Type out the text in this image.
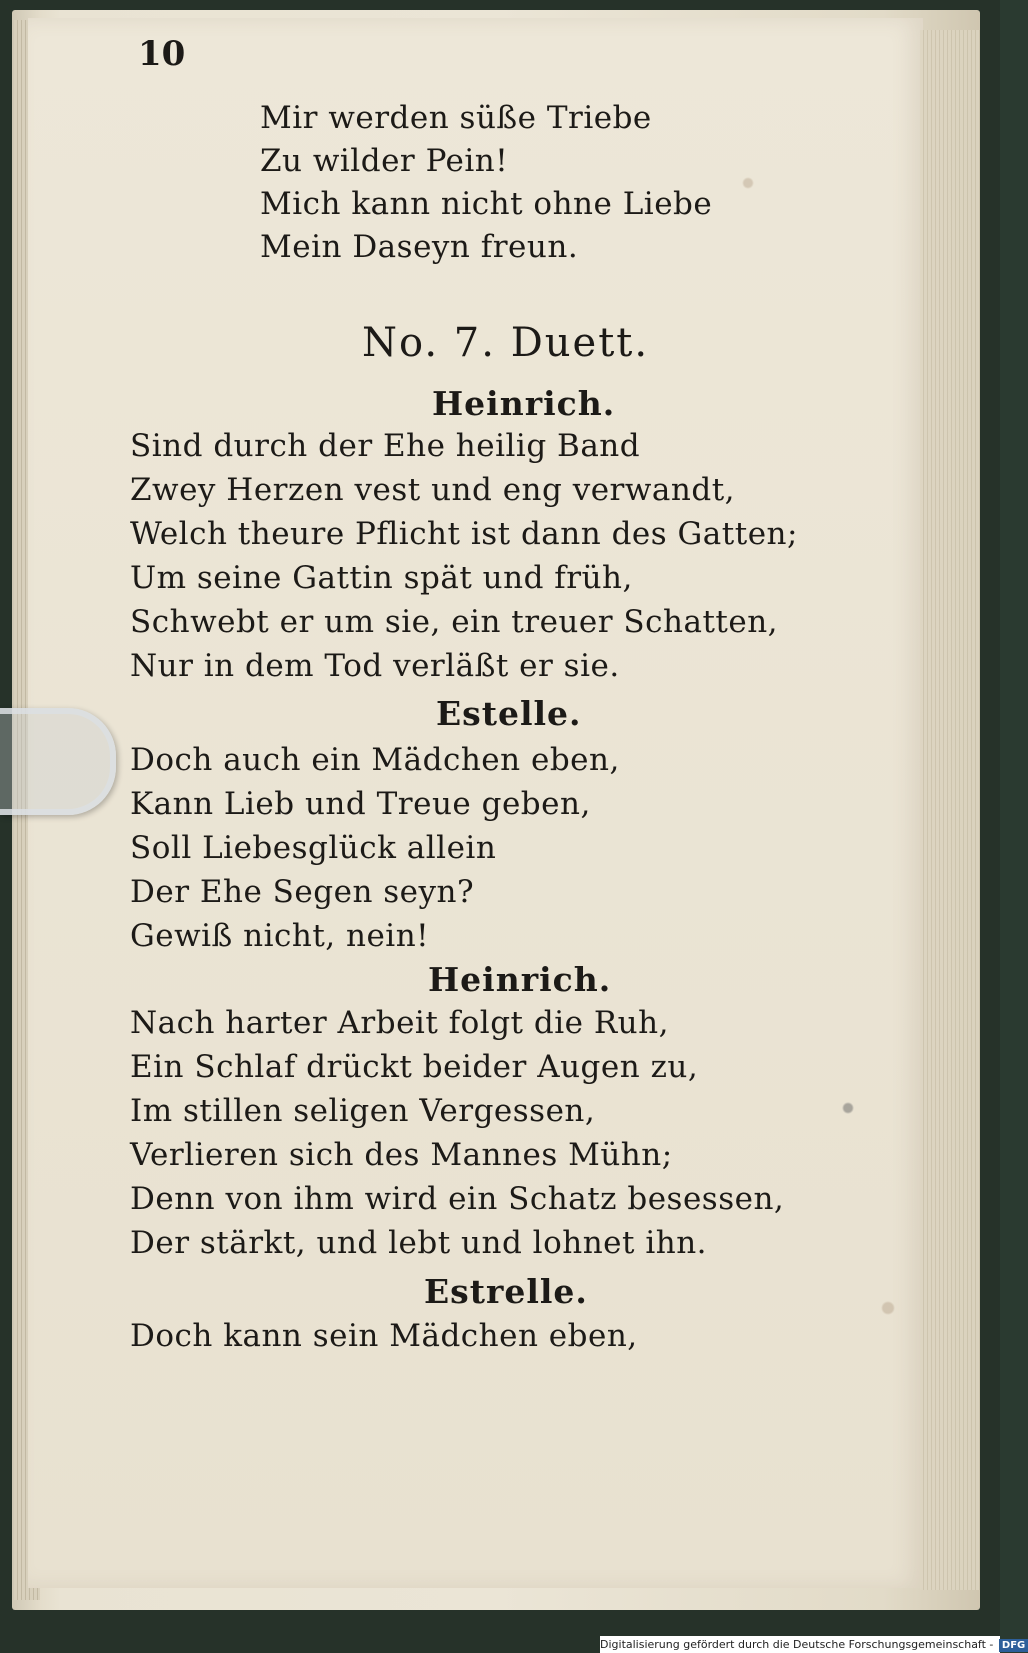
10
Mir werden süße Triebe
Zu wilder Pein!
Mich kann nicht ohne Liebe
Mein Daseyn freun.
No. 7. Duett.
Heinrich.
Sind durch der Ehe heilig Band
Zwey Herzen vest und eng verwandt,
Welch theure Pflicht ist dann des Gatten;
Um seine Gattin spät und früh,
Schwebt er um sie, ein treuer Schatten,
Nur in dem Tod verläßt er sie.
Estelle.
Doch auch ein Mädchen eben,
Kann Lieb und Treue geben,
Soll Liebesglück allein
Der Ehe Segen seyn?
Gewiß nicht, nein!
Heinrich.
Nach harter Arbeit folgt die Ruh,
Ein Schlaf drückt beider Augen zu,
Im stillen seligen Vergessen,
Verlieren sich des Mannes Mühn;
Denn von ihm wird ein Schatz besessen,
Der stärkt, und lebt und lohnet ihn.
Estrelle.
Doch kann sein Mädchen eben,
Digitalisierung gefördert durch die Deutsche Forschungsgemeinschaft - DFG
